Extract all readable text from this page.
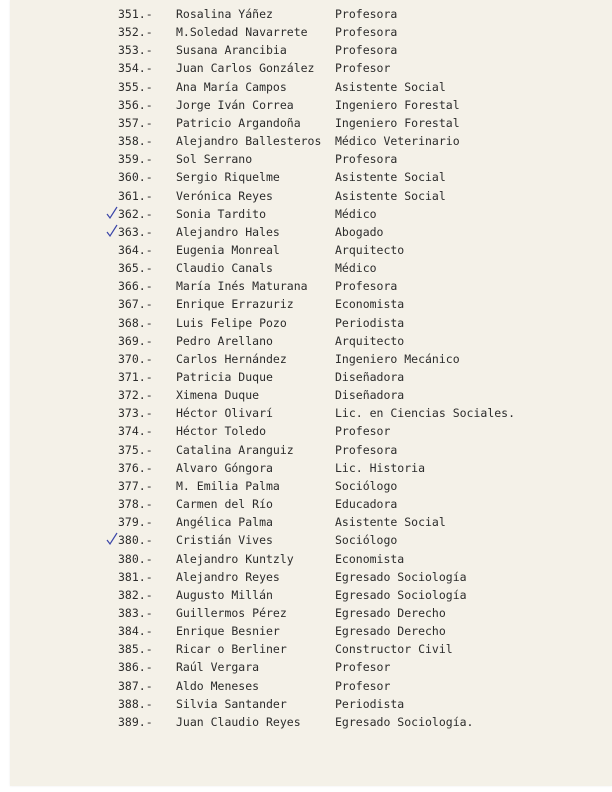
351.-	Rosalina Yáñez	Profesora
352.-	M.Soledad Navarrete	Profesora
353.-	Susana Arancibia	Profesora
354.-	Juan Carlos González	Profesor
355.-	Ana María Campos	Asistente Social
356.-	Jorge Iván Correa	Ingeniero Forestal
357.-	Patricio Argandoña	Ingeniero Forestal
358.-	Alejandro Ballesteros	Médico Veterinario
359.-	Sol Serrano	Profesora
360.-	Sergio Riquelme	Asistente Social
361.-	Verónica Reyes	Asistente Social
362.-	Sonia Tardito	Médico
363.-	Alejandro Hales	Abogado
364.-	Eugenia Monreal	Arquitecto
365.-	Claudio Canals	Médico
366.-	María Inés Maturana	Profesora
367.-	Enrique Errazuriz	Economista
368.-	Luis Felipe Pozo	Periodista
369.-	Pedro Arellano	Arquitecto
370.-	Carlos Hernández	Ingeniero Mecánico
371.-	Patricia Duque	Diseñadora
372.-	Ximena Duque	Diseñadora
373.-	Héctor Olivarí	Lic. en Ciencias Sociales.
374.-	Héctor Toledo	Profesor
375.-	Catalina Aranguiz	Profesora
376.-	Alvaro Góngora	Lic. Historia
377.-	M. Emilia Palma	Sociólogo
378.-	Carmen del Río	Educadora
379.-	Angélica Palma	Asistente Social
380.-	Cristián Vives	Sociólogo
380.-	Alejandro Kuntzly	Economista
381.-	Alejandro Reyes	Egresado Sociología
382.-	Augusto Millán	Egresado Sociología
383.-	Guillermos Pérez	Egresado Derecho
384.-	Enrique Besnier	Egresado Derecho
385.-	Ricar o Berliner	Constructor Civil
386.-	Raúl Vergara	Profesor
387.-	Aldo Meneses	Profesor
388.-	Silvia Santander	Periodista
389.-	Juan Claudio Reyes	Egresado Sociología.
